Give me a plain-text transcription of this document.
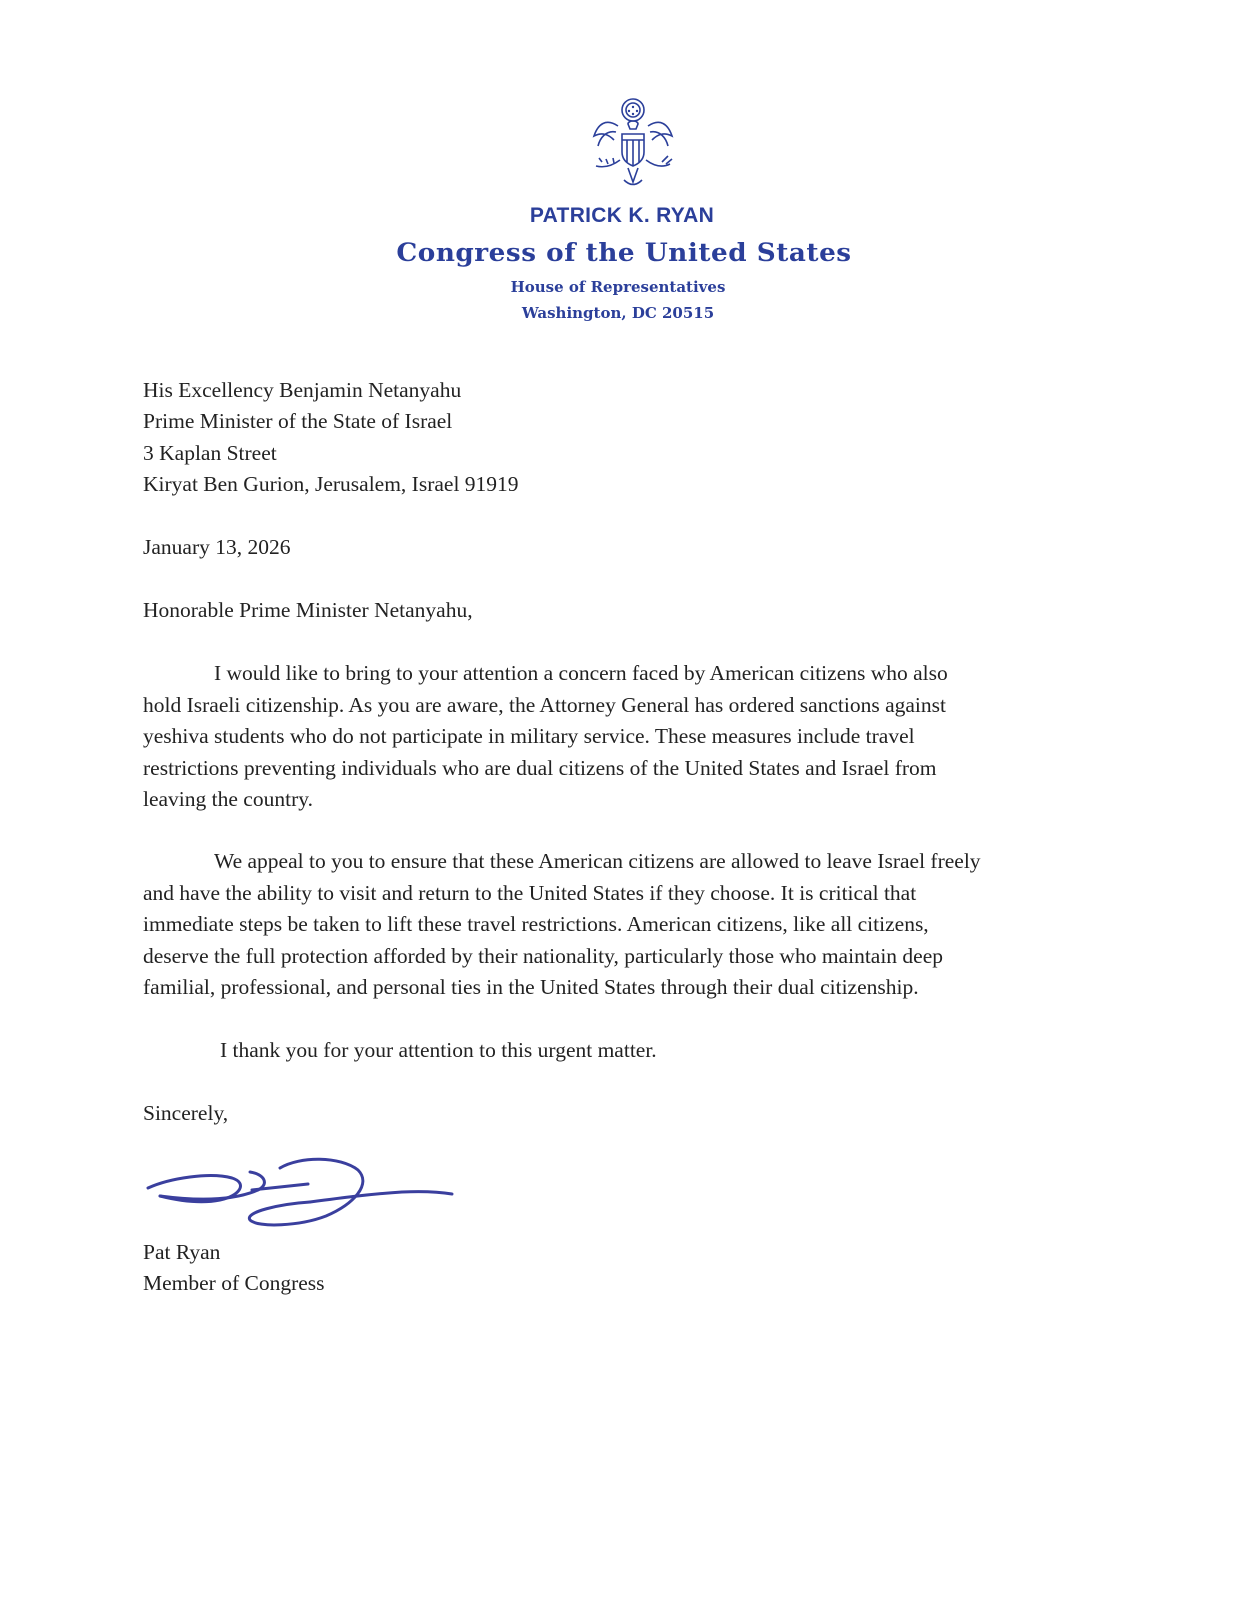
PATRICK K. RYAN
Congress of the United States
House of Representatives
Washington, DC 20515
His Excellency Benjamin Netanyahu
Prime Minister of the State of Israel
3 Kaplan Street
Kiryat Ben Gurion, Jerusalem, Israel 91919
January 13, 2026
Honorable Prime Minister Netanyahu,
I would like to bring to your attention a concern faced by American citizens who also
hold Israeli citizenship. As you are aware, the Attorney General has ordered sanctions against
yeshiva students who do not participate in military service. These measures include travel
restrictions preventing individuals who are dual citizens of the United States and Israel from
leaving the country.
We appeal to you to ensure that these American citizens are allowed to leave Israel freely
and have the ability to visit and return to the United States if they choose. It is critical that
immediate steps be taken to lift these travel restrictions. American citizens, like all citizens,
deserve the full protection afforded by their nationality, particularly those who maintain deep
familial, professional, and personal ties in the United States through their dual citizenship.
I thank you for your attention to this urgent matter.
Sincerely,
Pat Ryan
Member of Congress
